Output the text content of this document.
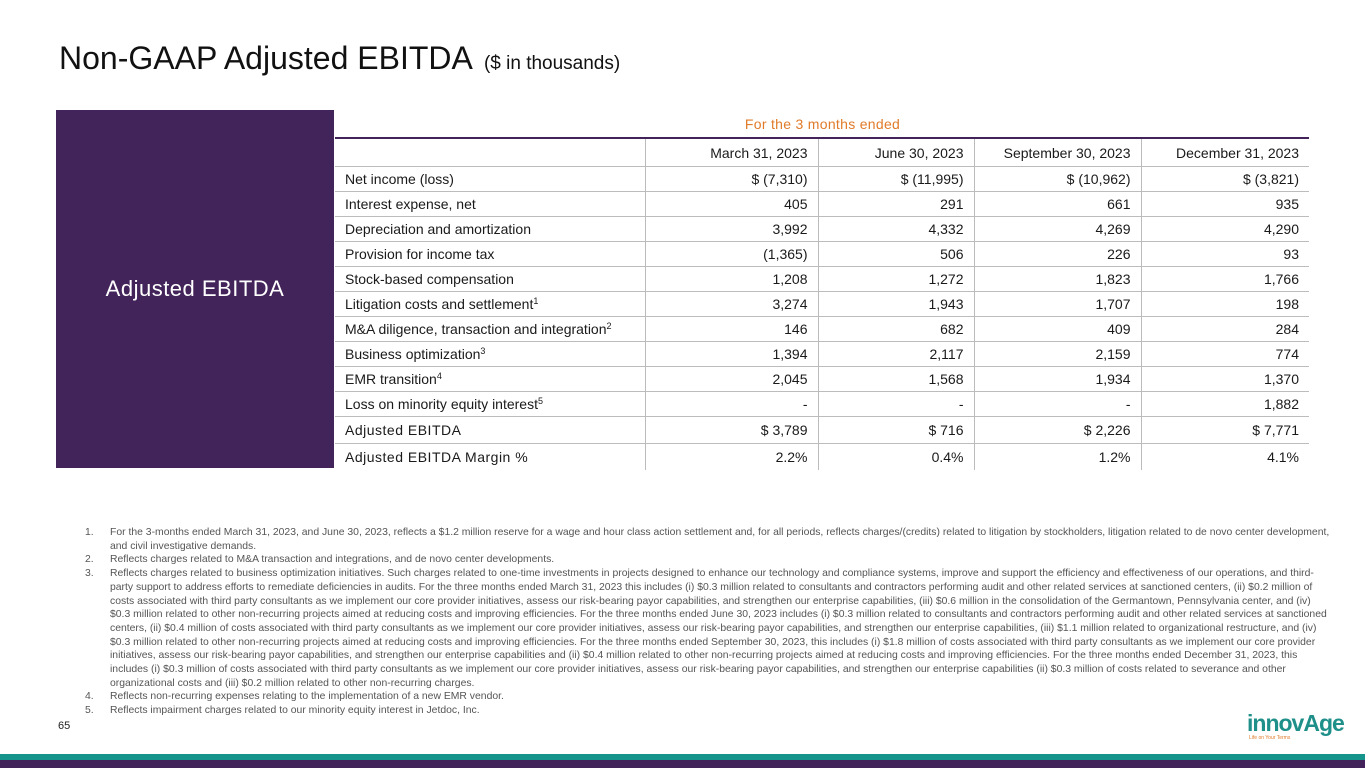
Non-GAAP Adjusted EBITDA ($ in thousands)
Adjusted EBITDA
For the 3 months ended
	March 31, 2023	June 30, 2023	September 30, 2023	December 31, 2023
Net income (loss)	$ (7,310)	$ (11,995)	$ (10,962)	$ (3,821)
Interest expense, net	405	291	661	935
Depreciation and amortization	3,992	4,332	4,269	4,290
Provision for income tax	(1,365)	506	226	93
Stock-based compensation	1,208	1,272	1,823	1,766
Litigation costs and settlement$^1$	3,274	1,943	1,707	198
M&A diligence, transaction and integration$^2$	146	682	409	284
Business optimization$^3$	1,394	2,117	2,159	774
EMR transition$^4$	2,045	1,568	1,934	1,370
Loss on minority equity interest$^5$	-	-	-	1,882
Adjusted EBITDA	$ 3,789	$ 716	$ 2,226	$ 7,771
Adjusted EBITDA Margin %	2.2%	0.4%	1.2%	4.1%
1. For the 3-months ended March 31, 2023, and June 30, 2023, reflects a $1.2 million reserve for a wage and hour class action settlement and, for all periods, reflects charges/(credits) related to litigation by stockholders, litigation related to de novo center development, and civil investigative demands.
2. Reflects charges related to M&A transaction and integrations, and de novo center developments.
3. Reflects charges related to business optimization initiatives. Such charges related to one-time investments in projects designed to enhance our technology and compliance systems, improve and support the efficiency and effectiveness of our operations, and third-party support to address efforts to remediate deficiencies in audits. For the three months ended March 31, 2023 this includes (i) $0.3 million related to consultants and contractors performing audit and other related services at sanctioned centers, (ii) $0.2 million of costs associated with third party consultants as we implement our core provider initiatives, assess our risk-bearing payor capabilities, and strengthen our enterprise capabilities, (iii) $0.6 million in the consolidation of the Germantown, Pennsylvania center, and (iv) $0.3 million related to other non-recurring projects aimed at reducing costs and improving efficiencies. For the three months ended June 30, 2023 includes (i) $0.3 million related to consultants and contractors performing audit and other related services at sanctioned centers, (ii) $0.4 million of costs associated with third party consultants as we implement our core provider initiatives, assess our risk-bearing payor capabilities, and strengthen our enterprise capabilities, (iii) $1.1 million related to organizational restructure, and (iv) $0.3 million related to other non-recurring projects aimed at reducing costs and improving efficiencies. For the three months ended September 30, 2023, this includes (i) $1.8 million of costs associated with third party consultants as we implement our core provider initiatives, assess our risk-bearing payor capabilities, and strengthen our enterprise capabilities and (ii) $0.4 million related to other non-recurring projects aimed at reducing costs and improving efficiencies. For the three months ended December 31, 2023, this includes (i) $0.3 million of costs associated with third party consultants as we implement our core provider initiatives, assess our risk-bearing payor capabilities, and strengthen our enterprise capabilities (ii) $0.3 million of costs related to severance and other organizational costs and (iii) $0.2 million related to other non-recurring charges.
4. Reflects non-recurring expenses relating to the implementation of a new EMR vendor.
5. Reflects impairment charges related to our minority equity interest in Jetdoc, Inc.
65	innovAge
Life on Your Terms
